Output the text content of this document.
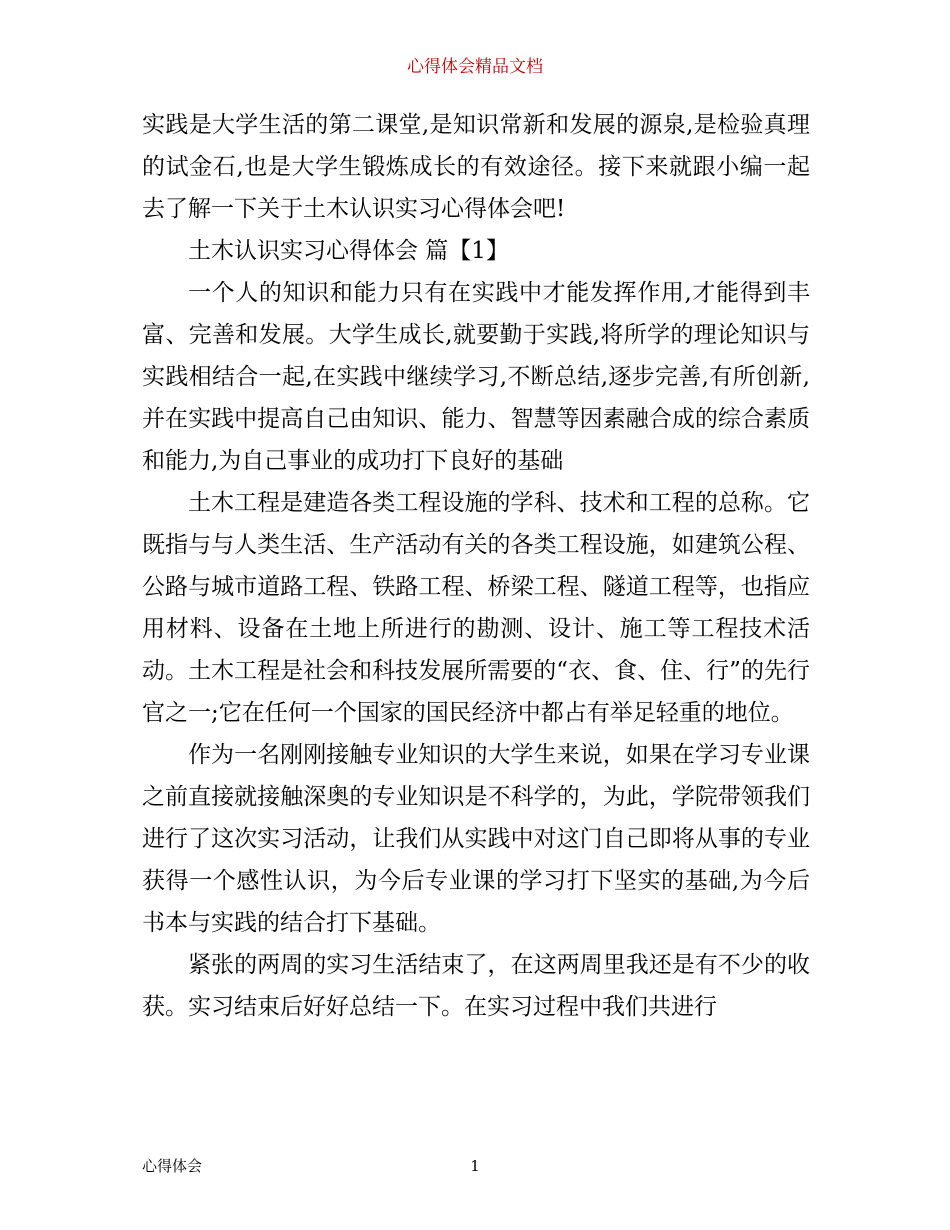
心得体会精品文档

实践是大学生活的第二课堂,是知识常新和发展的源泉,是检验真理的试金石,也是大学生锻炼成长的有效途径。接下来就跟小编一起去了解一下关于土木认识实习心得体会吧!

土木认识实习心得体会 篇【1】

一个人的知识和能力只有在实践中才能发挥作用,才能得到丰富、完善和发展。大学生成长,就要勤于实践,将所学的理论知识与实践相结合一起,在实践中继续学习,不断总结,逐步完善,有所创新,并在实践中提高自己由知识、能力、智慧等因素融合成的综合素质和能力,为自己事业的成功打下良好的基础

土木工程是建造各类工程设施的学科、技术和工程的总称。它既指与与人类生活、生产活动有关的各类工程设施，如建筑公程、公路与城市道路工程、铁路工程、桥梁工程、隧道工程等，也指应用材料、设备在土地上所进行的勘测、设计、施工等工程技术活动。土木工程是社会和科技发展所需要的“衣、食、住、行”的先行官之一;它在任何一个国家的国民经济中都占有举足轻重的地位。

作为一名刚刚接触专业知识的大学生来说，如果在学习专业课之前直接就接触深奥的专业知识是不科学的，为此，学院带领我们进行了这次实习活动，让我们从实践中对这门自己即将从事的专业获得一个感性认识，为今后专业课的学习打下坚实的基础,为今后书本与实践的结合打下基础。

紧张的两周的实习生活结束了，在这两周里我还是有不少的收获。实习结束后好好总结一下。在实习过程中我们共进行

心得体会	1
